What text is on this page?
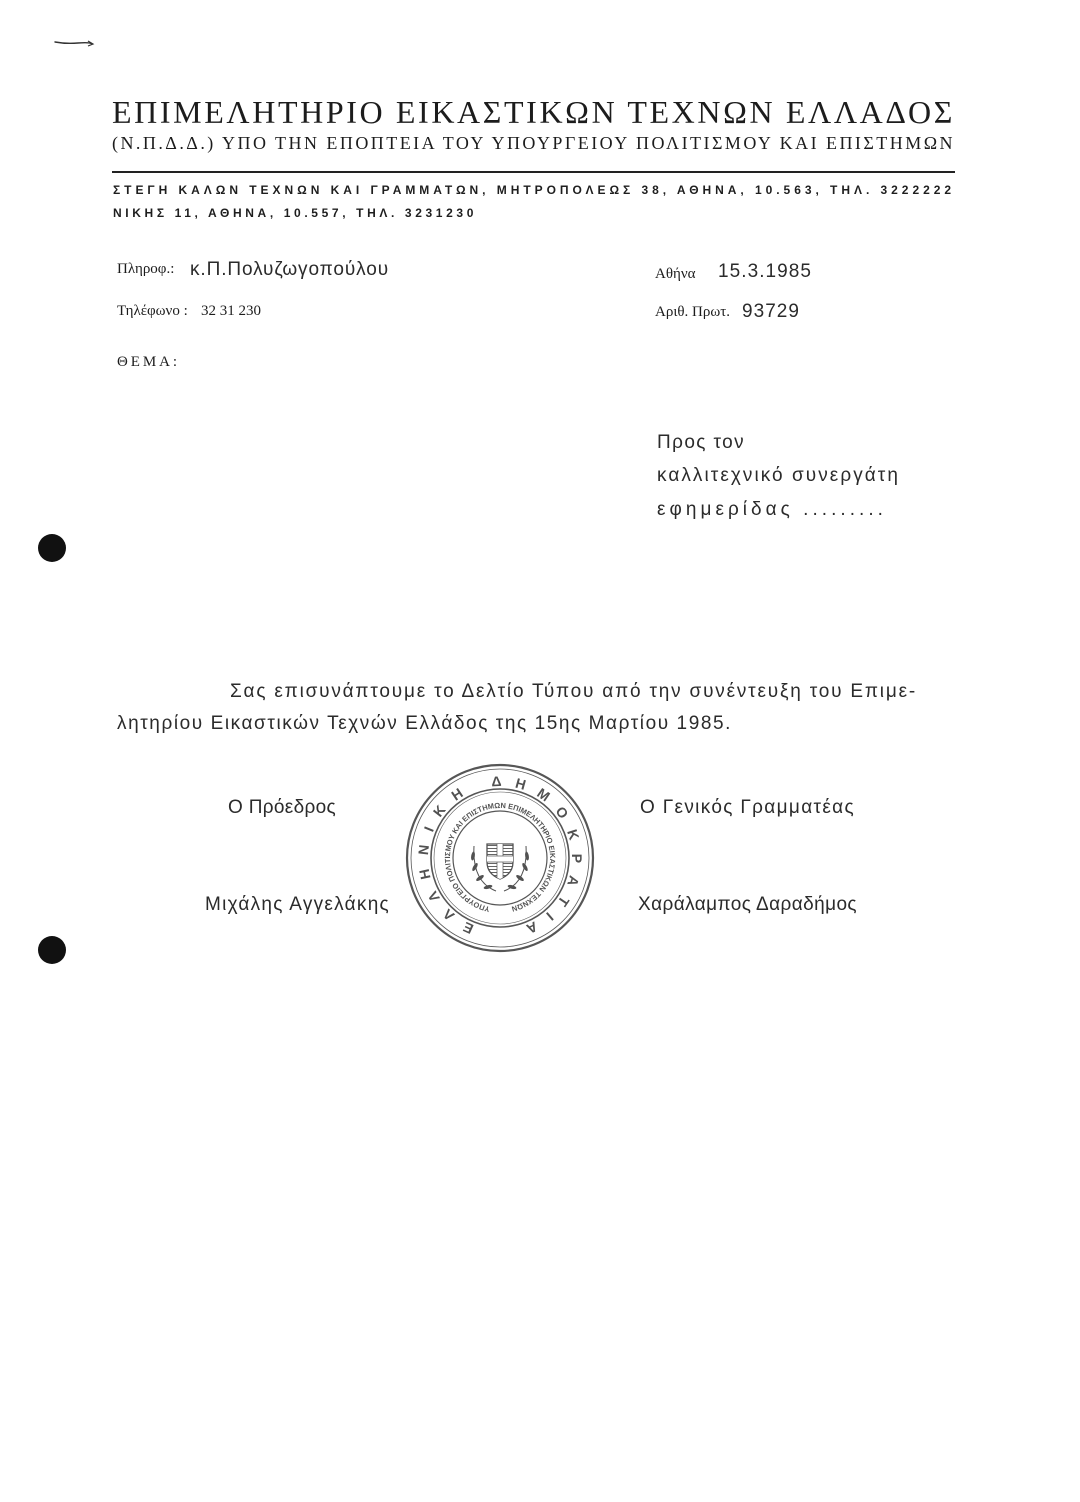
ΕΠΙΜΕΛΗΤΗΡΙΟ ΕΙΚΑΣΤΙΚΩΝ ΤΕΧΝΩΝ ΕΛΛΑΔΟΣ
(Ν.Π.Δ.Δ.) ΥΠΟ ΤΗΝ ΕΠΟΠΤΕΙΑ ΤΟΥ ΥΠΟΥΡΓΕΙΟΥ ΠΟΛΙΤΙΣΜΟΥ ΚΑΙ ΕΠΙΣΤΗΜΩΝ
ΣΤΕΓΗ ΚΑΛΩΝ ΤΕΧΝΩΝ ΚΑΙ ΓΡΑΜΜΑΤΩΝ, ΜΗΤΡΟΠΟΛΕΩΣ 38, ΑΘΗΝΑ, 10.563, ΤΗΛ. 3222222
ΝΙΚΗΣ 11, ΑΘΗΝΑ, 10.557, ΤΗΛ. 3231230
Πληροφ.: κ.Π.Πολυζωγοπούλου
Τηλέφωνο : 32 31 230
Αθήνα 15.3.1985
Αριθ. Πρωτ. 93729
ΘΕΜΑ:
Προς τον
καλλιτεχνικό συνεργάτη
εφημερίδας .........
Σας επισυνάπτουμε το Δελτίο Τύπου από την συνέντευξη του Επιμε-
λητηρίου Εικαστικών Τεχνών Ελλάδος της 15ης Μαρτίου 1985.
Ο Πρόεδρος
Μιχάλης Αγγελάκης
Ο Γενικός Γραμματέας
Χαράλαμπος Δαραδήμος
ΕΛΛΗΝΙΚΗ ΔΗΜΟΚΡΑΤΙΑ
ΥΠΟΥΡΓΕΙΟ ΠΟΛΙΤΙΣΜΟΥ ΚΑΙ ΕΠΙΣΤΗΜΩΝ ΕΠΙΜΕΛΗΤΗΡΙΟ ΕΙΚΑΣΤΙΚΩΝ ΤΕΧΝΩΝ
